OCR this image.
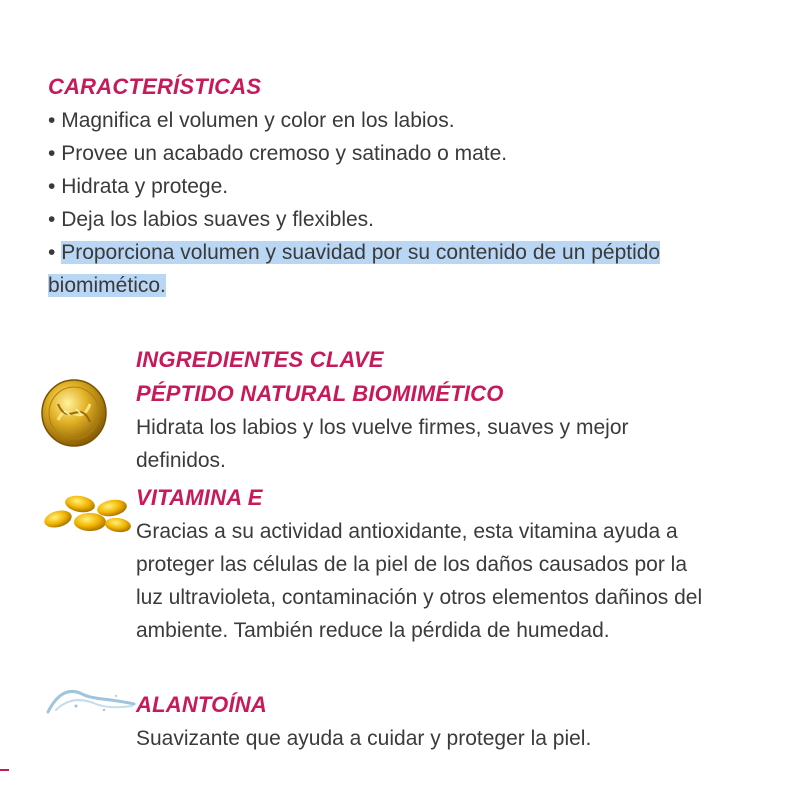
CARACTERÍSTICAS
• Magnifica el volumen y color en los labios.
• Provee un acabado cremoso y satinado o mate.
• Hidrata y protege.
• Deja los labios suaves y flexibles.
• Proporciona volumen y suavidad por su contenido de un péptido biomimético.
INGREDIENTES CLAVE
PÉPTIDO NATURAL BIOMIMÉTICO
Hidrata los labios y los vuelve firmes, suaves y mejor definidos.
VITAMINA E
Gracias a su actividad antioxidante, esta vitamina ayuda a proteger las células de la piel de los daños causados por la luz ultravioleta, contaminación y otros elementos dañinos del ambiente. También reduce la pérdida de humedad.
ALANTOÍNA
Suavizante que ayuda a cuidar y proteger la piel.
